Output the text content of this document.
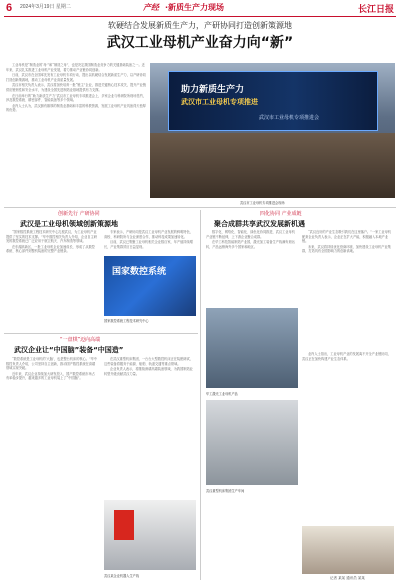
6 2024年3月19日 星期二	产经 ·新质生产力现场	长江日报
软硬结合发展新质生产力，产研协同打造创新策源地
武汉工业母机产业奋力向“新”

工业母机是“制造业的‘母’”和“制造之母”，也是决定我国制造业竞争力的关键基础装备之一。近年来，武汉扎实推进工业母机产业发展，着力推动产业链协同创新。

日前，武汉市在全国率先发布工业母机专项行动，提出以软硬结合发展新质生产力，以产研协同打造创新策源地，推动工业母机产业高质量发展。

武汉市相关负责人表示，武汉将加快培育一批“链主”企业，推进关键核心技术攻关，提升产业链供应链韧性和安全水平，为建设全国先进制造业基地提供有力支撑。

在日前举行的“助力新质生产力”武汉市工业母机专项推进会上，多家企业与科研院所现场签约，涉及数控系统、精密部件、智能装备等多个领域。

业内人士认为，武汉拥有雄厚的制造业基础和丰富的科教资源，发展工业母机产业具备得天独厚的优势。

助力新质生产力
武汉市工业母机专项推进
武汉市工业母机专项推进会
武汉市工业母机专项推进会现场
创新先行 产研协同
武汉是工业母机领域创新策源地

“国家数控系统工程技术研究中心扎根武汉，为工业母机产业提供了坚实的技术支撑。”华中数控相关负责人介绍，企业自主研发的数控系统已广泛应用于航空航天、汽车制造等领域。

在东湖高新区，一批工业母机企业加速成长，形成了从数控系统、核心部件到整机装备的完整产业链条。

专家表示，产研协同是武汉工业母机产业发展的鲜明特色，高校、科研院所与企业深度合作，推动科技成果加速转化。

目前，武汉已集聚工业母机相关企业数百家，年产值持续增长，产业集群效应日益显现。

国家数控系统
国家数控系统工程技术研究中心
四化协同 产业成链
聚合成群共享武汉发展新机遇

数字化、网络化、智能化、绿色化协同推进，武汉工业母机产业链不断延伸，上下游企业聚合成群。

在华工科技智能制造产业园，激光加工装备生产线满负荷运转，产品远销海外多个国家和地区。

“武汉良好的产业生态吸引我们在这里落户。”一家工业母机配套企业负责人表示，企业正在扩大产能，积极融入本地产业链。

未来，武汉将持续优化营商环境，加快建设工业母机产业集群，打造具有全国影响力的创新高地。

华工激光工业母机产品
武汉重型机床集团生产车间

业内人士指出，工业母机产业的发展离不开全产业链协同，武汉正在加快构建产业生态体系。

记者 某某 通讯员 某某
“一盘棋”迈向高端
武汉企业让“中国脑”装备“中国造”

“数控系统是工业母机的‘大脑’，也是整台机床的核心。”华中数控负责人介绍，公司坚持自主创新，推动国产数控系统在高端领域实现突破。

近年来，武汉企业持续加大研发投入，国产数控系统市场占有率稳步提升，越来越多的工业母机装上了“中国脑”。

在武汉重型机床集团，一台台大型数控机床正在装配调试，这些装备将服务于能源、船舶、轨道交通等重点领域。

企业负责人表示，将继续深耕高端装备领域，为我国制造业转型升级贡献武汉力量。

武汉某企业机器人生产线
